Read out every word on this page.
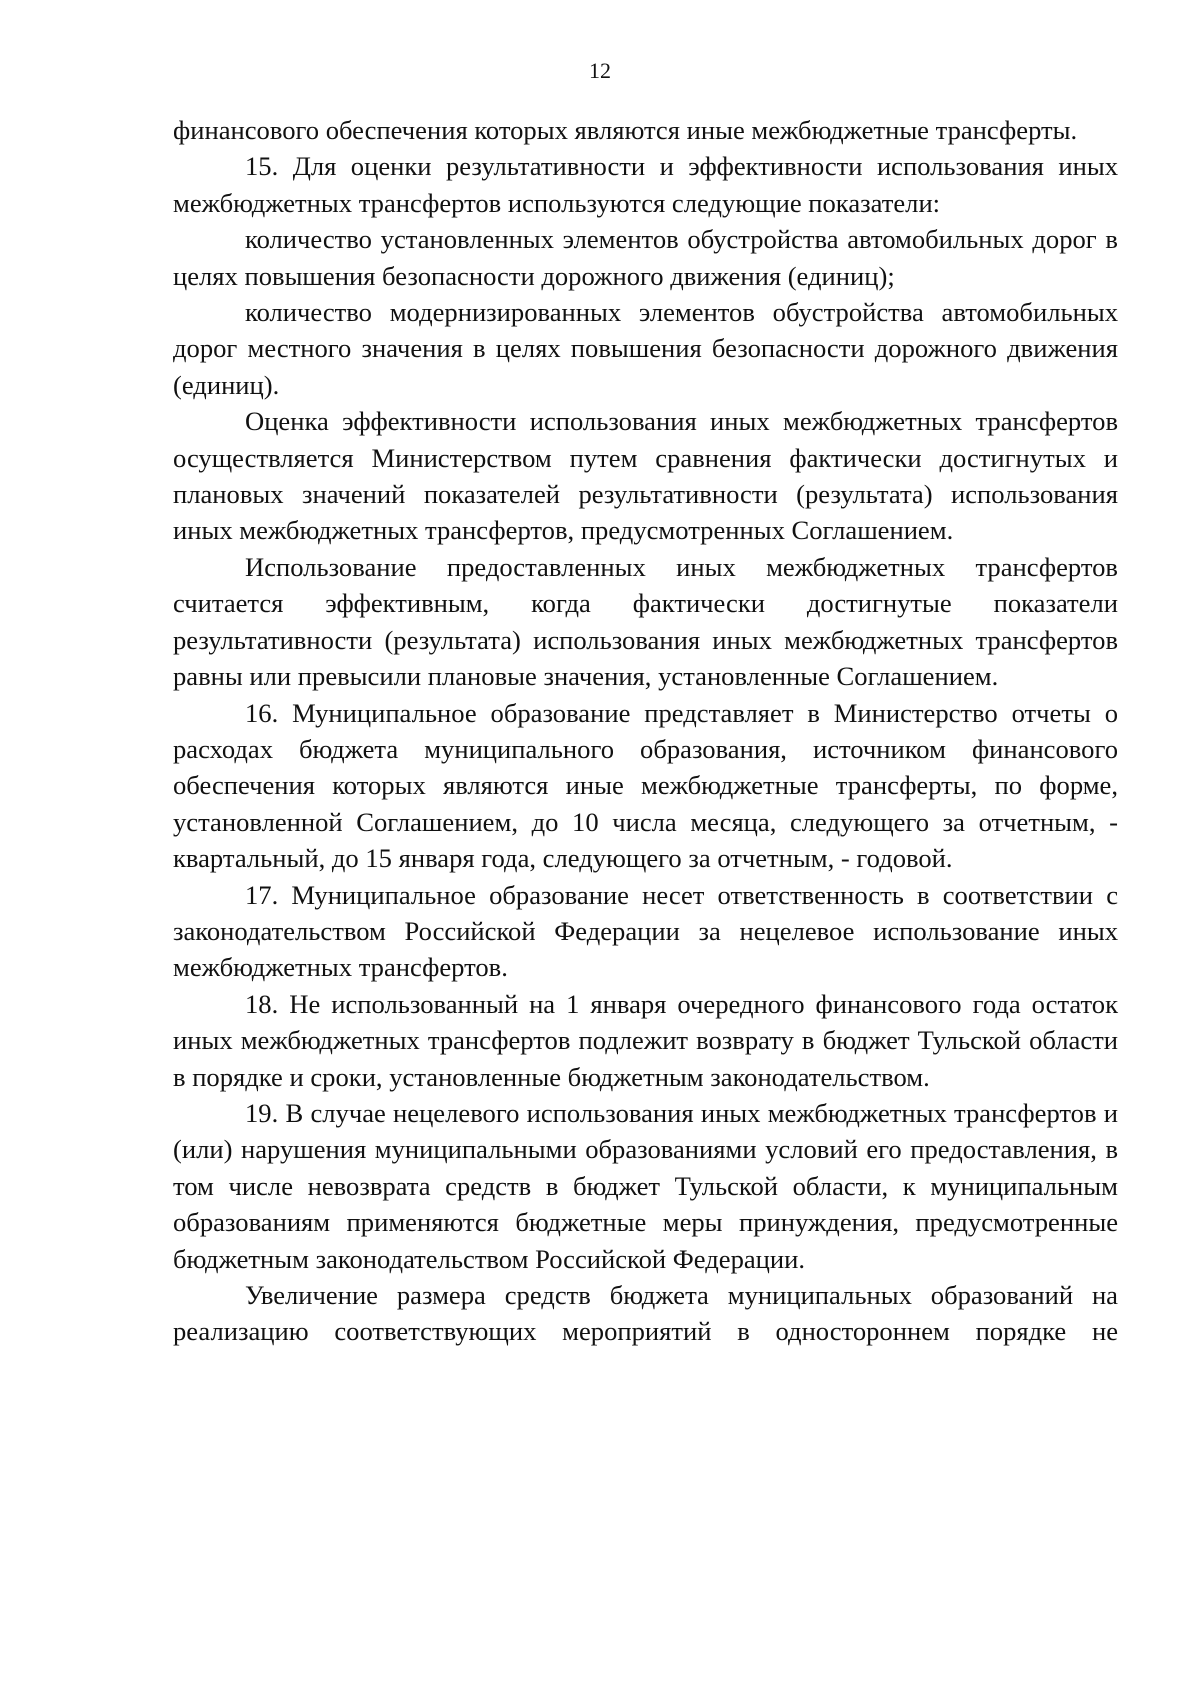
12

финансового обеспечения которых являются иные межбюджетные трансферты.

15. Для оценки результативности и эффективности использования иных межбюджетных трансфертов используются следующие показатели:

количество установленных элементов обустройства автомобильных дорог в целях повышения безопасности дорожного движения (единиц);

количество модернизированных элементов обустройства автомобильных дорог местного значения в целях повышения безопасности дорожного движения (единиц).

Оценка эффективности использования иных межбюджетных трансфертов осуществляется Министерством путем сравнения фактически достигнутых и плановых значений показателей результативности (результата) использования иных межбюджетных трансфертов, предусмотренных Соглашением.

Использование предоставленных иных межбюджетных трансфертов считается эффективным, когда фактически достигнутые показатели результативности (результата) использования иных межбюджетных трансфертов равны или превысили плановые значения, установленные Соглашением.

16. Муниципальное образование представляет в Министерство отчеты о расходах бюджета муниципального образования, источником финансового обеспечения которых являются иные межбюджетные трансферты, по форме, установленной Соглашением, до 10 числа месяца, следующего за отчетным, - квартальный, до 15 января года, следующего за отчетным, - годовой.

17. Муниципальное образование несет ответственность в соответствии с законодательством Российской Федерации за нецелевое использование иных межбюджетных трансфертов.

18. Не использованный на 1 января очередного финансового года остаток иных межбюджетных трансфертов подлежит возврату в бюджет Тульской области в порядке и сроки, установленные бюджетным законодательством.

19. В случае нецелевого использования иных межбюджетных трансфертов и (или) нарушения муниципальными образованиями условий его предоставления, в том числе невозврата средств в бюджет Тульской области, к муниципальным образованиям применяются бюджетные меры принуждения, предусмотренные бюджетным законодательством Российской Федерации.

Увеличение размера средств бюджета муниципальных образований на реализацию соответствующих мероприятий в одностороннем порядке не
